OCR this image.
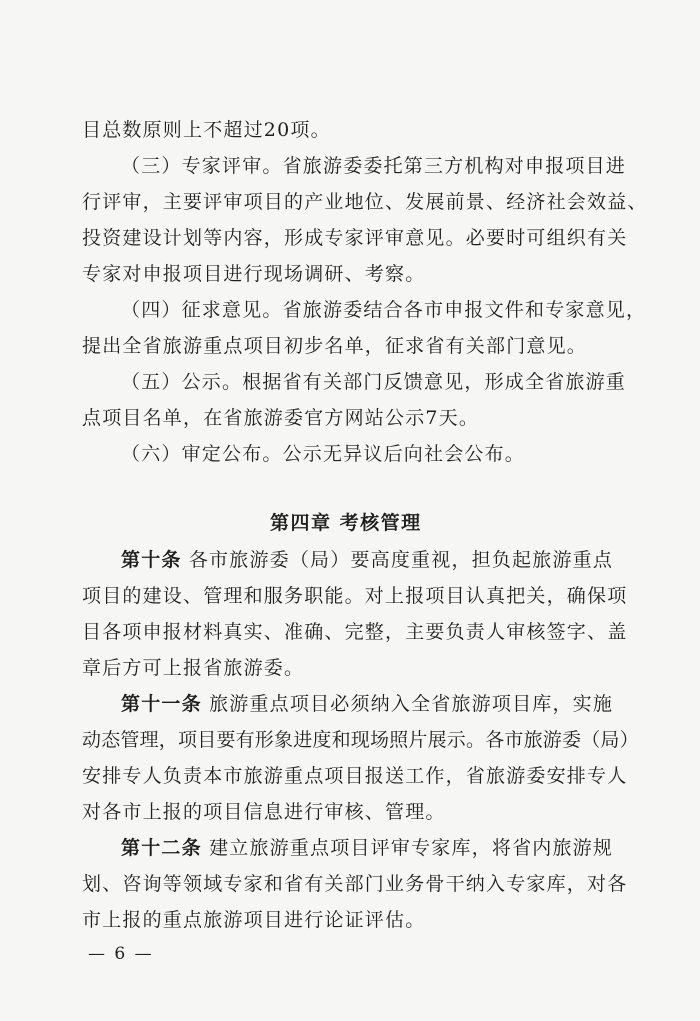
目总数原则上不超过20项。
（三）专家评审。省旅游委委托第三方机构对申报项目进
行评审，主要评审项目的产业地位、发展前景、经济社会效益、
投资建设计划等内容，形成专家评审意见。必要时可组织有关
专家对申报项目进行现场调研、考察。
（四）征求意见。省旅游委结合各市申报文件和专家意见，
提出全省旅游重点项目初步名单，征求省有关部门意见。
（五）公示。根据省有关部门反馈意见，形成全省旅游重
点项目名单，在省旅游委官方网站公示7天。
（六）审定公布。公示无异议后向社会公布。
第四章 考核管理
第十条 各市旅游委（局）要高度重视，担负起旅游重点
项目的建设、管理和服务职能。对上报项目认真把关，确保项
目各项申报材料真实、准确、完整，主要负责人审核签字、盖
章后方可上报省旅游委。
第十一条 旅游重点项目必须纳入全省旅游项目库，实施
动态管理，项目要有形象进度和现场照片展示。各市旅游委（局）
安排专人负责本市旅游重点项目报送工作，省旅游委安排专人
对各市上报的项目信息进行审核、管理。
第十二条 建立旅游重点项目评审专家库，将省内旅游规
划、咨询等领域专家和省有关部门业务骨干纳入专家库，对各
市上报的重点旅游项目进行论证评估。
— 6 —
